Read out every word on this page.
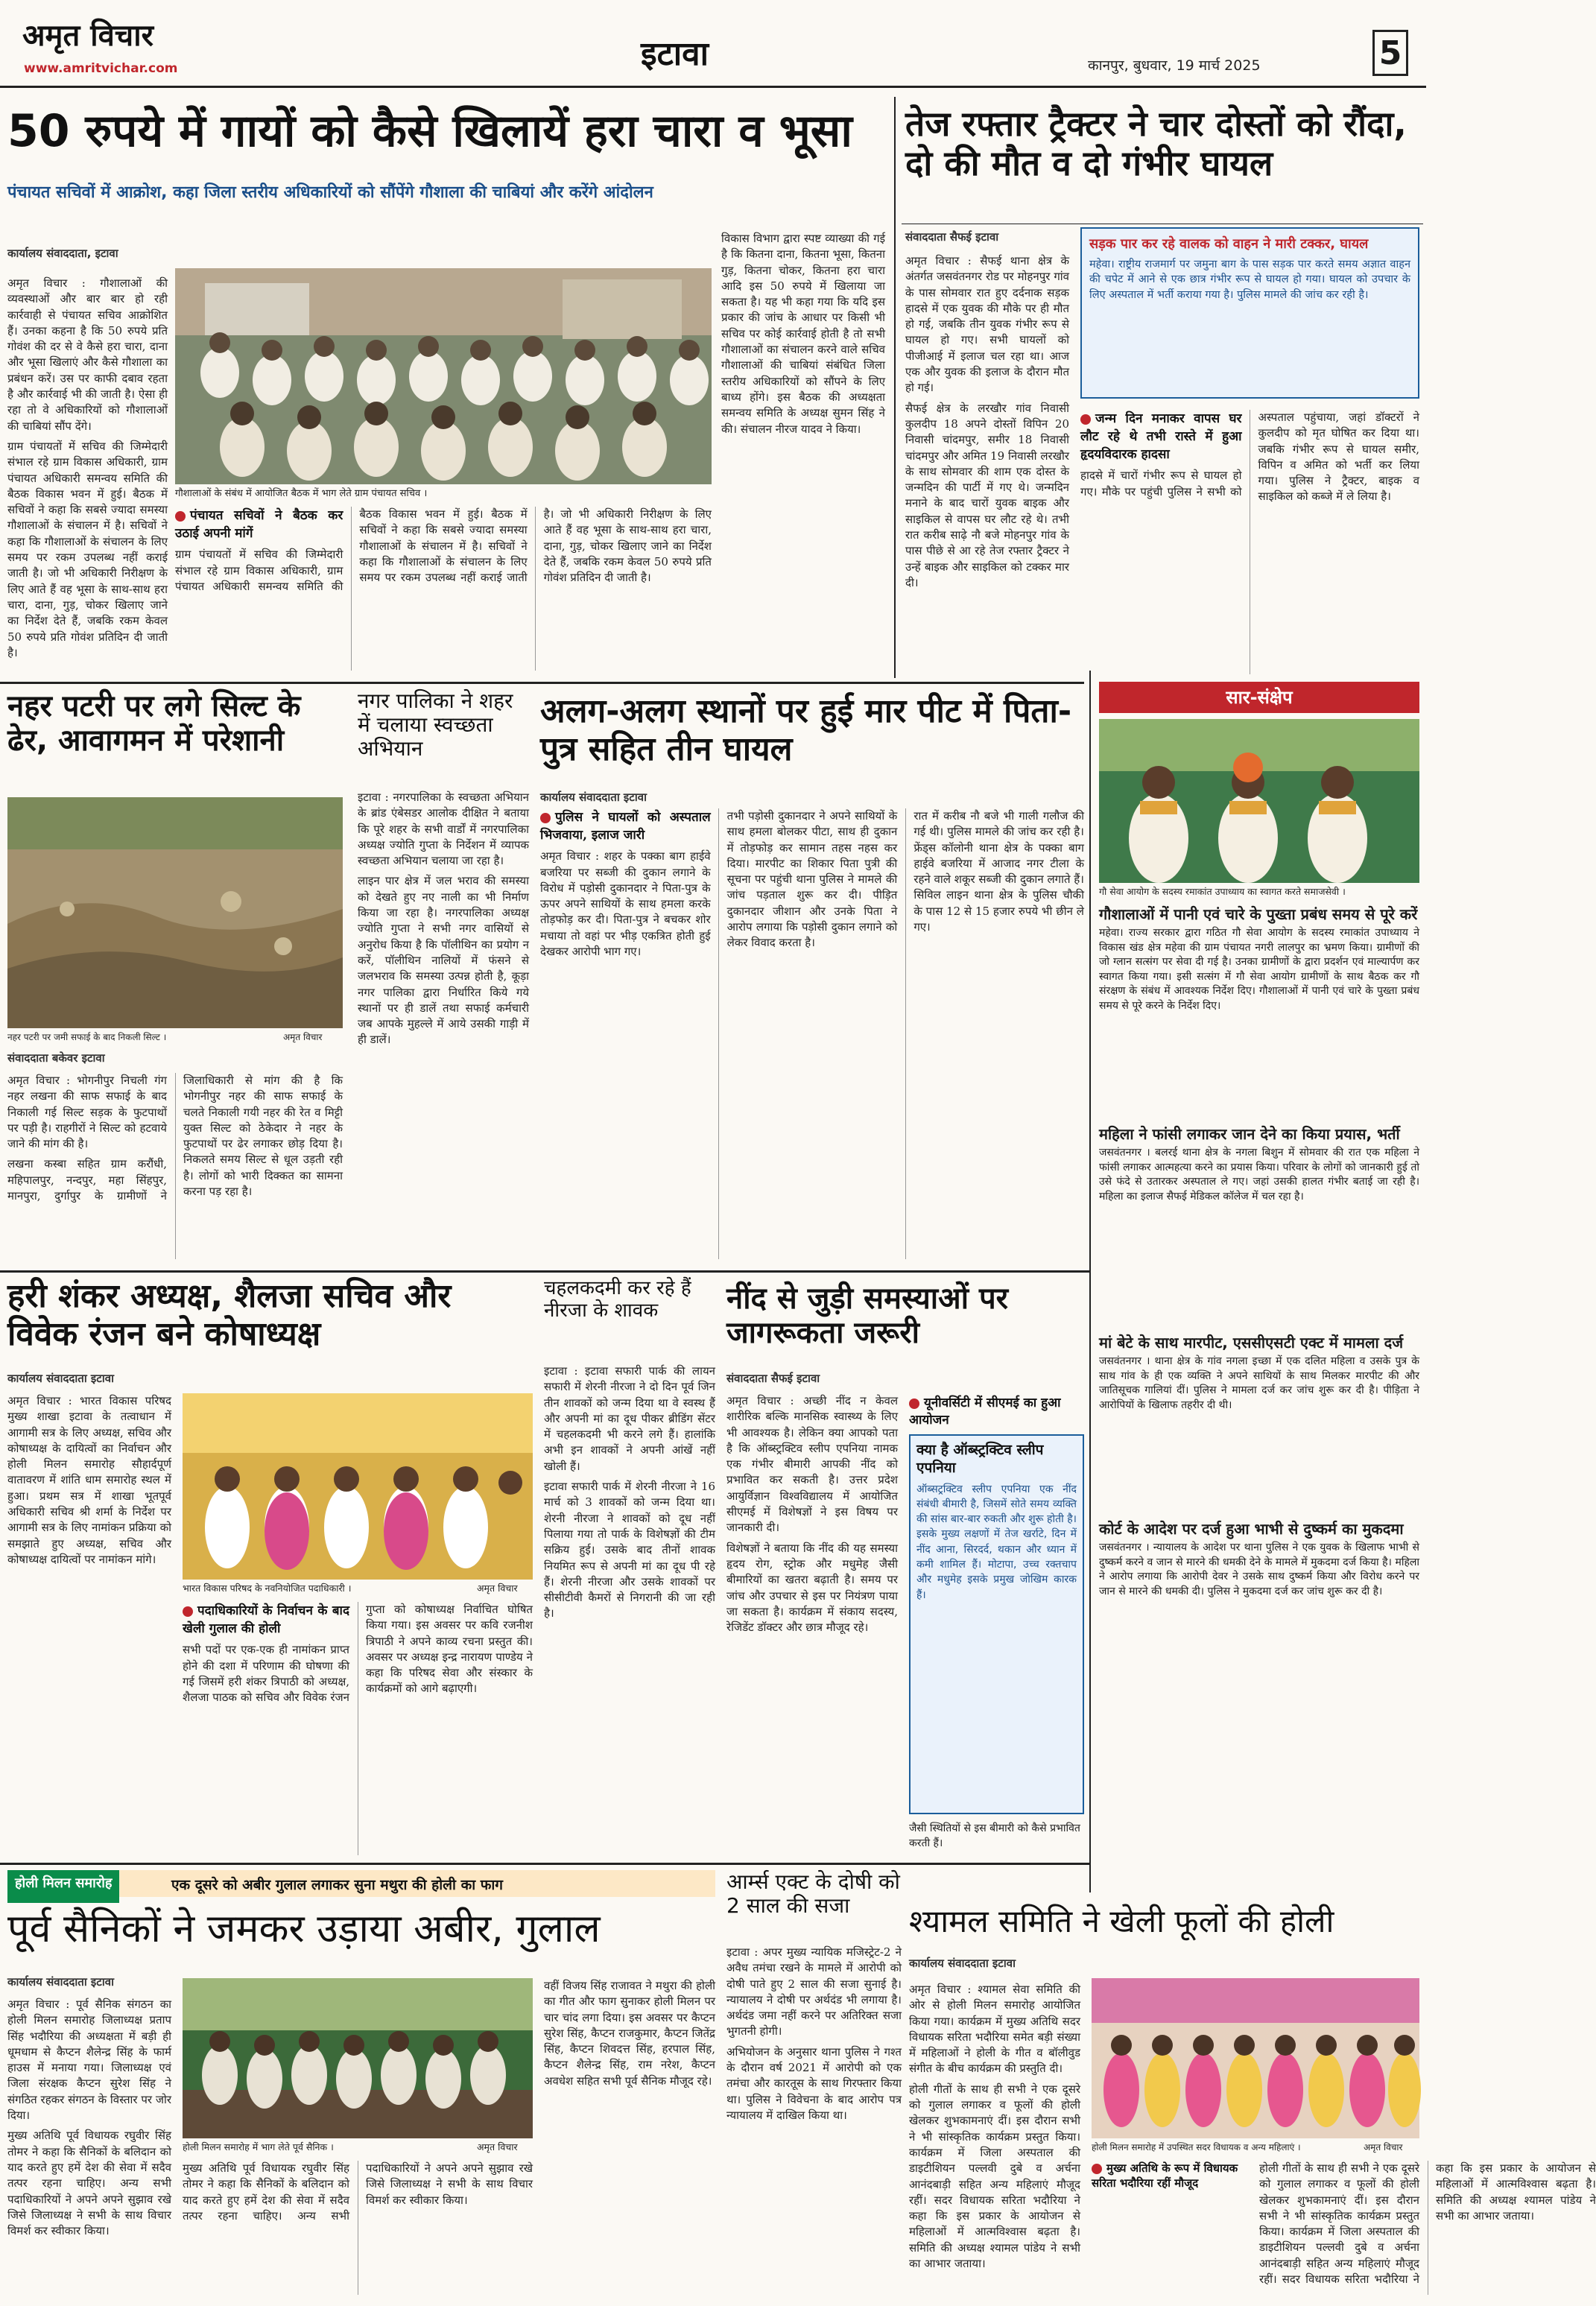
अमृत विचार
www.amritvichar.com	इटावा	कानपुर, बुधवार, 19 मार्च 2025	5
50 रुपये में गायों को कैसे खिलायें हरा चारा व भूसा
पंचायत सचिवों में आक्रोश, कहा जिला स्तरीय अधिकारियों को सौंपेंगे गौशाला की चाबियां और करेंगे आंदोलन
कार्यालय संवाददाता, इटावा

अमृत विचार : गौशालाओं की व्यवस्थाओं और बार बार हो रही कार्रवाही से पंचायत सचिव आक्रोशित हैं। उनका कहना है कि 50 रुपये प्रति गोवंश की दर से वे कैसे हरा चारा, दाना और भूसा खिलाएं और कैसे गौशाला का प्रबंधन करें। उस पर काफी दबाव रहता है और कार्रवाई भी की जाती है। ऐसा ही रहा तो वे अधिकारियों को गौशालाओं की चाबियां सौंप देंगे।

ग्राम पंचायतों में सचिव की जिम्मेदारी संभाल रहे ग्राम विकास अधिकारी, ग्राम पंचायत अधिकारी समन्वय समिति की बैठक विकास भवन में हुई। बैठक में सचिवों ने कहा कि सबसे ज्यादा समस्या गौशालाओं के संचालन में है। सचिवों ने कहा कि गौशालाओं के संचालन के लिए समय पर रकम उपलब्ध नहीं कराई जाती है। जो भी अधिकारी निरीक्षण के लिए आते हैं वह भूसा के साथ-साथ हरा चारा, दाना, गुड़, चोकर खिलाए जाने का निर्देश देते हैं, जबकि रकम केवल 50 रुपये प्रति गोवंश प्रतिदिन दी जाती है।

गौशालाओं के संबंध में आयोजित बैठक में भाग लेते ग्राम पंचायत सचिव ।
पंचायत सचिवों ने बैठक कर उठाई अपनी मांगें

ग्राम पंचायतों में सचिव की जिम्मेदारी संभाल रहे ग्राम विकास अधिकारी, ग्राम पंचायत अधिकारी समन्वय समिति की बैठक विकास भवन में हुई। बैठक में सचिवों ने कहा कि सबसे ज्यादा समस्या गौशालाओं के संचालन में है। सचिवों ने कहा कि गौशालाओं के संचालन के लिए समय पर रकम उपलब्ध नहीं कराई जाती है। जो भी अधिकारी निरीक्षण के लिए आते हैं वह भूसा के साथ-साथ हरा चारा, दाना, गुड़, चोकर खिलाए जाने का निर्देश देते हैं, जबकि रकम केवल 50 रुपये प्रति गोवंश प्रतिदिन दी जाती है।

विकास विभाग द्वारा स्पष्ट व्याख्या की गई है कि कितना दाना, कितना भूसा, कितना गुड़, कितना चोकर, कितना हरा चारा आदि इस 50 रुपये में खिलाया जा सकता है। यह भी कहा गया कि यदि इस प्रकार की जांच के आधार पर किसी भी सचिव पर कोई कार्रवाई होती है तो सभी गौशालाओं का संचालन करने वाले सचिव गौशालाओं की चाबियां संबंधित जिला स्तरीय अधिकारियों को सौंपने के लिए बाध्य होंगे। इस बैठक की अध्यक्षता समन्वय समिति के अध्यक्ष सुमन सिंह ने की। संचालन नीरज यादव ने किया।

तेज रफ्तार ट्रैक्टर ने चार दोस्तों को रौंदा, दो की मौत व दो गंभीर घायल
संवाददाता सैफई इटावा

अमृत विचार : सैफई थाना क्षेत्र के अंतर्गत जसवंतनगर रोड पर मोहनपुर गांव के पास सोमवार रात हुए दर्दनाक सड़क हादसे में एक युवक की मौके पर ही मौत हो गई, जबकि तीन युवक गंभीर रूप से घायल हो गए। सभी घायलों को पीजीआई में इलाज चल रहा था। आज एक और युवक की इलाज के दौरान मौत हो गई।

सैफई क्षेत्र के लरखौर गांव निवासी कुलदीप 18 अपने दोस्तों विपिन 20 निवासी चांदमपुर, समीर 18 निवासी चांदमपुर और अमित 19 निवासी लरखौर के साथ सोमवार की शाम एक दोस्त के जन्मदिन की पार्टी में गए थे। जन्मदिन मनाने के बाद चारों युवक बाइक और साइकिल से वापस घर लौट रहे थे। तभी रात करीब साढ़े नौ बजे मोहनपुर गांव के पास पीछे से आ रहे तेज रफ्तार ट्रैक्टर ने उन्हें बाइक और साइकिल को टक्कर मार दी।

सड़क पार कर रहे वालक को वाहन ने मारी टक्कर, घायल
महेवा। राष्ट्रीय राजमार्ग पर जमुना बाग के पास सड़क पार करते समय अज्ञात वाहन की चपेट में आने से एक छात्र गंभीर रूप से घायल हो गया। घायल को उपचार के लिए अस्पताल में भर्ती कराया गया है। पुलिस मामले की जांच कर रही है।
जन्म दिन मनाकर वापस घर लौट रहे थे तभी रास्ते में हुआ हृदयविदारक हादसा

हादसे में चारों गंभीर रूप से घायल हो गए। मौके पर पहुंची पुलिस ने सभी को अस्पताल पहुंचाया, जहां डॉक्टरों ने कुलदीप को मृत घोषित कर दिया था। जबकि गंभीर रूप से घायल समीर, विपिन व अमित को भर्ती कर लिया गया। पुलिस ने ट्रैक्टर, बाइक व साइकिल को कब्जे में ले लिया है।

नहर पटरी पर लगे सिल्ट के ढेर, आवागमन में परेशानी
नहर पटरी पर जमी सफाई के बाद निकली सिल्ट ।	अमृत विचार
संवाददाता बकेवर इटावा

अमृत विचार : भोगनीपुर निचली गंग नहर लखना की साफ सफाई के बाद निकाली गई सिल्ट सड़क के फुटपाथों पर पड़ी है। राहगीरों ने सिल्ट को हटवाये जाने की मांग की है।

लखना कस्बा सहित ग्राम करौंधी, महिपालपुर, नन्दपुर, महा सिंहपुर, मानपुरा, दुर्गापुर के ग्रामीणों ने जिलाधिकारी से मांग की है कि भोगनीपुर नहर की साफ सफाई के चलते निकाली गयी नहर की रेत व मिट्टी युक्त सिल्ट को ठेकेदार ने नहर के फुटपाथों पर ढेर लगाकर छोड़ दिया है। निकलते समय सिल्ट से धूल उड़ती रही है। लोगों को भारी दिक्कत का सामना करना पड़ रहा है।

नगर पालिका ने शहर में चलाया स्वच्छता अभियान

इटावा : नगरपालिका के स्वच्छता अभियान के ब्रांड एंबेसडर आलोक दीक्षित ने बताया कि पूरे शहर के सभी वार्डों में नगरपालिका अध्यक्ष ज्योति गुप्ता के निर्देशन में व्यापक स्वच्छता अभियान चलाया जा रहा है।

लाइन पार क्षेत्र में जल भराव की समस्या को देखते हुए नए नाली का भी निर्माण किया जा रहा है। नगरपालिका अध्यक्ष ज्योति गुप्ता ने सभी नगर वासियों से अनुरोध किया है कि पॉलीथिन का प्रयोग न करें, पॉलीथिन नालियों में फंसने से जलभराव कि समस्या उत्पन्न होती है, कूड़ा नगर पालिका द्वारा निर्धारित किये गये स्थानों पर ही डालें तथा सफाई कर्मचारी जब आपके मुहल्ले में आये उसकी गाड़ी में ही डालें।

अलग-अलग स्थानों पर हुई मार पीट में पिता-पुत्र सहित तीन घायल
कार्यालय संवाददाता इटावा
पुलिस ने घायलों को अस्पताल भिजवाया, इलाज जारी

अमृत विचार : शहर के पक्का बाग हाईवे बजरिया पर सब्जी की दुकान लगाने के विरोध में पड़ोसी दुकानदार ने पिता-पुत्र के ऊपर अपने साथियों के साथ हमला करके तोड़फोड़ कर दी। पिता-पुत्र ने बचकर शोर मचाया तो वहां पर भीड़ एकत्रित होती हुई देखकर आरोपी भाग गए।

तभी पड़ोसी दुकानदार ने अपने साथियों के साथ हमला बोलकर पीटा, साथ ही दुकान में तोड़फोड़ कर सामान तहस नहस कर दिया। मारपीट का शिकार पिता पुत्री की सूचना पर पहुंची थाना पुलिस ने मामले की जांच पड़ताल शुरू कर दी। पीड़ित दुकानदार जीशान और उनके पिता ने आरोप लगाया कि पड़ोसी दुकान लगाने को लेकर विवाद करता है।

रात में करीब नौ बजे भी गाली गलौज की गई थी। पुलिस मामले की जांच कर रही है। फ्रेंड्स कॉलोनी थाना क्षेत्र के पक्का बाग हाईवे बजरिया में आजाद नगर टीला के रहने वाले शकूर सब्जी की दुकान लगाते हैं। सिविल लाइन थाना क्षेत्र के पुलिस चौकी के पास 12 से 15 हजार रुपये भी छीन ले गए।

सार-संक्षेप
गौ सेवा आयोग के सदस्य रमाकांत उपाध्याय का स्वागत करते समाजसेवी ।
गौशालाओं में पानी एवं चारे के पुख्ता प्रबंध समय से पूरे करें
महेवा। राज्य सरकार द्वारा गठित गौ सेवा आयोग के सदस्य रमाकांत उपाध्याय ने विकास खंड क्षेत्र महेवा की ग्राम पंचायत नगरी लालपुर का भ्रमण किया। ग्रामीणों की जो ग्लान सत्संग पर सेवा दी गई है। उनका ग्रामीणों के द्वारा प्रदर्शन एवं माल्यार्पण कर स्वागत किया गया। इसी सत्संग में गौ सेवा आयोग ग्रामीणों के साथ बैठक कर गौ संरक्षण के संबंध में आवश्यक निर्देश दिए। गौशालाओं में पानी एवं चारे के पुख्ता प्रबंध समय से पूरे करने के निर्देश दिए।
महिला ने फांसी लगाकर जान देने का किया प्रयास, भर्ती
जसवंतनगर । बलरई थाना क्षेत्र के नगला बिशुन में सोमवार की रात एक महिला ने फांसी लगाकर आत्महत्या करने का प्रयास किया। परिवार के लोगों को जानकारी हुई तो उसे फंदे से उतारकर अस्पताल ले गए। जहां उसकी हालत गंभीर बताई जा रही है। महिला का इलाज सैफई मेडिकल कॉलेज में चल रहा है।
मां बेटे के साथ मारपीट, एससीएसटी एक्ट में मामला दर्ज
जसवंतनगर । थाना क्षेत्र के गांव नगला इच्छा में एक दलित महिला व उसके पुत्र के साथ गांव के ही एक व्यक्ति ने अपने साथियों के साथ मिलकर मारपीट की और जातिसूचक गालियां दीं। पुलिस ने मामला दर्ज कर जांच शुरू कर दी है। पीड़िता ने आरोपियों के खिलाफ तहरीर दी थी।
कोर्ट के आदेश पर दर्ज हुआ भाभी से दुष्कर्म का मुकदमा
जसवंतनगर । न्यायालय के आदेश पर थाना पुलिस ने एक युवक के खिलाफ भाभी से दुष्कर्म करने व जान से मारने की धमकी देने के मामले में मुकदमा दर्ज किया है। महिला ने आरोप लगाया कि आरोपी देवर ने उसके साथ दुष्कर्म किया और विरोध करने पर जान से मारने की धमकी दी। पुलिस ने मुकदमा दर्ज कर जांच शुरू कर दी है।
हरी शंकर अध्यक्ष, शैलजा सचिव और विवेक रंजन बने कोषाध्यक्ष
कार्यालय संवाददाता इटावा

अमृत विचार : भारत विकास परिषद मुख्य शाखा इटावा के तत्वाधान में आगामी सत्र के लिए अध्यक्ष, सचिव और कोषाध्यक्ष के दायित्वों का निर्वाचन और होली मिलन समारोह सौहार्दपूर्ण वातावरण में शांति धाम समारोह स्थल में हुआ। प्रथम सत्र में शाखा भूतपूर्व अधिकारी सचिव श्री शर्मा के निर्देश पर आगामी सत्र के लिए नामांकन प्रक्रिया को समझाते हुए अध्यक्ष, सचिव और कोषाध्यक्ष दायित्वों पर नामांकन मांगे।

भारत विकास परिषद के नवनियोजित पदाधिकारी ।	अमृत विचार
पदाधिकारियों के निर्वाचन के बाद खेली गुलाल की होली

सभी पदों पर एक-एक ही नामांकन प्राप्त होने की दशा में परिणाम की घोषणा की गई जिसमें हरी शंकर त्रिपाठी को अध्यक्ष, शैलजा पाठक को सचिव और विवेक रंजन गुप्ता को कोषाध्यक्ष निर्वाचित घोषित किया गया। इस अवसर पर कवि रजनीश त्रिपाठी ने अपने काव्य रचना प्रस्तुत की। अवसर पर अध्यक्ष इन्द्र नारायण पाण्डेय ने कहा कि परिषद सेवा और संस्कार के कार्यक्रमों को आगे बढ़ाएगी।

चहलकदमी कर रहे हैं नीरजा के शावक

इटावा : इटावा सफारी पार्क की लायन सफारी में शेरनी नीरजा ने दो दिन पूर्व जिन तीन शावकों को जन्म दिया था वे स्वस्थ हैं और अपनी मां का दूध पीकर ब्रीडिंग सेंटर में चहलकदमी भी करने लगे हैं। हालांकि अभी इन शावकों ने अपनी आंखें नहीं खोली हैं।

इटावा सफारी पार्क में शेरनी नीरजा ने 16 मार्च को 3 शावकों को जन्म दिया था। शेरनी नीरजा ने शावकों को दूध नहीं पिलाया गया तो पार्क के विशेषज्ञों की टीम सक्रिय हुई। उसके बाद तीनों शावक नियमित रूप से अपनी मां का दूध पी रहे हैं। शेरनी नीरजा और उसके शावकों पर सीसीटीवी कैमरों से निगरानी की जा रही है।

नींद से जुड़ी समस्याओं पर जागरूकता जरूरी
संवाददाता सैफई इटावा

अमृत विचार : अच्छी नींद न केवल शारीरिक बल्कि मानसिक स्वास्थ्य के लिए भी आवश्यक है। लेकिन क्या आपको पता है कि ऑब्स्ट्रक्टिव स्लीप एपनिया नामक एक गंभीर बीमारी आपकी नींद को प्रभावित कर सकती है। उत्तर प्रदेश आयुर्विज्ञान विश्वविद्यालय में आयोजित सीएमई में विशेषज्ञों ने इस विषय पर जानकारी दी।

विशेषज्ञों ने बताया कि नींद की यह समस्या हृदय रोग, स्ट्रोक और मधुमेह जैसी बीमारियों का खतरा बढ़ाती है। समय पर जांच और उपचार से इस पर नियंत्रण पाया जा सकता है। कार्यक्रम में संकाय सदस्य, रेजिडेंट डॉक्टर और छात्र मौजूद रहे।

यूनीवर्सिटी में सीएमई का हुआ आयोजन
क्या है ऑब्स्ट्रक्टिव स्लीप एपनिया
ऑब्सट्रक्टिव स्लीप एपनिया एक नींद संबंधी बीमारी है, जिसमें सोते समय व्यक्ति की सांस बार-बार रुकती और शुरू होती है। इसके मुख्य लक्षणों में तेज खर्राटे, दिन में नींद आना, सिरदर्द, थकान और ध्यान में कमी शामिल हैं। मोटापा, उच्च रक्तचाप और मधुमेह इसके प्रमुख जोखिम कारक हैं।
जैसी स्थितियों से इस बीमारी को कैसे प्रभावित करती हैं।
आर्म्स एक्ट के दोषी को 2 साल की सजा

इटावा : अपर मुख्य न्यायिक मजिस्ट्रेट-2 ने अवैध तमंचा रखने के मामले में आरोपी को दोषी पाते हुए 2 साल की सजा सुनाई है। न्यायालय ने दोषी पर अर्थदंड भी लगाया है। अर्थदंड जमा नहीं करने पर अतिरिक्त सजा भुगतनी होगी।

अभियोजन के अनुसार थाना पुलिस ने गश्त के दौरान वर्ष 2021 में आरोपी को एक तमंचा और कारतूस के साथ गिरफ्तार किया था। पुलिस ने विवेचना के बाद आरोप पत्र न्यायालय में दाखिल किया था।

होली मिलन समारोह	एक दूसरे को अबीर गुलाल लगाकर सुना मथुरा की होली का फाग
पूर्व सैनिकों ने जमकर उड़ाया अबीर, गुलाल
कार्यालय संवाददाता इटावा

अमृत विचार : पूर्व सैनिक संगठन का होली मिलन समारोह जिलाध्यक्ष प्रताप सिंह भदौरिया की अध्यक्षता में बड़ी ही धूमधाम से कैप्टन शैलेन्द्र सिंह के फार्म हाउस में मनाया गया। जिलाध्यक्ष एवं जिला संरक्षक कैप्टन सुरेश सिंह ने संगठित रहकर संगठन के विस्तार पर जोर दिया।

मुख्य अतिथि पूर्व विधायक रघुवीर सिंह तोमर ने कहा कि सैनिकों के बलिदान को याद करते हुए हमें देश की सेवा में सदैव तत्पर रहना चाहिए। अन्य सभी पदाधिकारियों ने अपने अपने सुझाव रखे जिसे जिलाध्यक्ष ने सभी के साथ विचार विमर्श कर स्वीकार किया।

होली मिलन समारोह में भाग लेते पूर्व सैनिक ।	अमृत विचार

मुख्य अतिथि पूर्व विधायक रघुवीर सिंह तोमर ने कहा कि सैनिकों के बलिदान को याद करते हुए हमें देश की सेवा में सदैव तत्पर रहना चाहिए। अन्य सभी पदाधिकारियों ने अपने अपने सुझाव रखे जिसे जिलाध्यक्ष ने सभी के साथ विचार विमर्श कर स्वीकार किया।

वहीं विजय सिंह राजावत ने मथुरा की होली का गीत और फाग सुनाकर होली मिलन पर चार चांद लगा दिया। इस अवसर पर कैप्टन सुरेश सिंह, कैप्टन राजकुमार, कैप्टन जितेंद्र सिंह, कैप्टन शिवदत्त सिंह, हरपाल सिंह, कैप्टन शैलेन्द्र सिंह, राम नरेश, कैप्टन अवधेश सहित सभी पूर्व सैनिक मौजूद रहे।

श्यामल समिति ने खेली फूलों की होली
कार्यालय संवाददाता इटावा

अमृत विचार : श्यामल सेवा समिति की ओर से होली मिलन समारोह आयोजित किया गया। कार्यक्रम में मुख्य अतिथि सदर विधायक सरिता भदौरिया समेत बड़ी संख्या में महिलाओं ने होली के गीत व बॉलीवुड संगीत के बीच कार्यक्रम की प्रस्तुति दी।

होली गीतों के साथ ही सभी ने एक दूसरे को गुलाल लगाकर व फूलों की होली खेलकर शुभकामनाएं दीं। इस दौरान सभी ने भी सांस्कृतिक कार्यक्रम प्रस्तुत किया। कार्यक्रम में जिला अस्पताल की डाइटीशियन पल्लवी दुबे व अर्चना आनंदबाड़ी सहित अन्य महिलाएं मौजूद रहीं। सदर विधायक सरिता भदौरिया ने कहा कि इस प्रकार के आयोजन से महिलाओं में आत्मविश्वास बढ़ता है। समिति की अध्यक्ष श्यामल पांडेय ने सभी का आभार जताया।

होली मिलन समारोह में उपस्थित सदर विधायक व अन्य महिलाएं ।	अमृत विचार
मुख्य अतिथि के रूप में विधायक सरिता भदौरिया रहीं मौजूद

होली गीतों के साथ ही सभी ने एक दूसरे को गुलाल लगाकर व फूलों की होली खेलकर शुभकामनाएं दीं। इस दौरान सभी ने भी सांस्कृतिक कार्यक्रम प्रस्तुत किया। कार्यक्रम में जिला अस्पताल की डाइटीशियन पल्लवी दुबे व अर्चना आनंदबाड़ी सहित अन्य महिलाएं मौजूद रहीं। सदर विधायक सरिता भदौरिया ने कहा कि इस प्रकार के आयोजन से महिलाओं में आत्मविश्वास बढ़ता है। समिति की अध्यक्ष श्यामल पांडेय ने सभी का आभार जताया।
